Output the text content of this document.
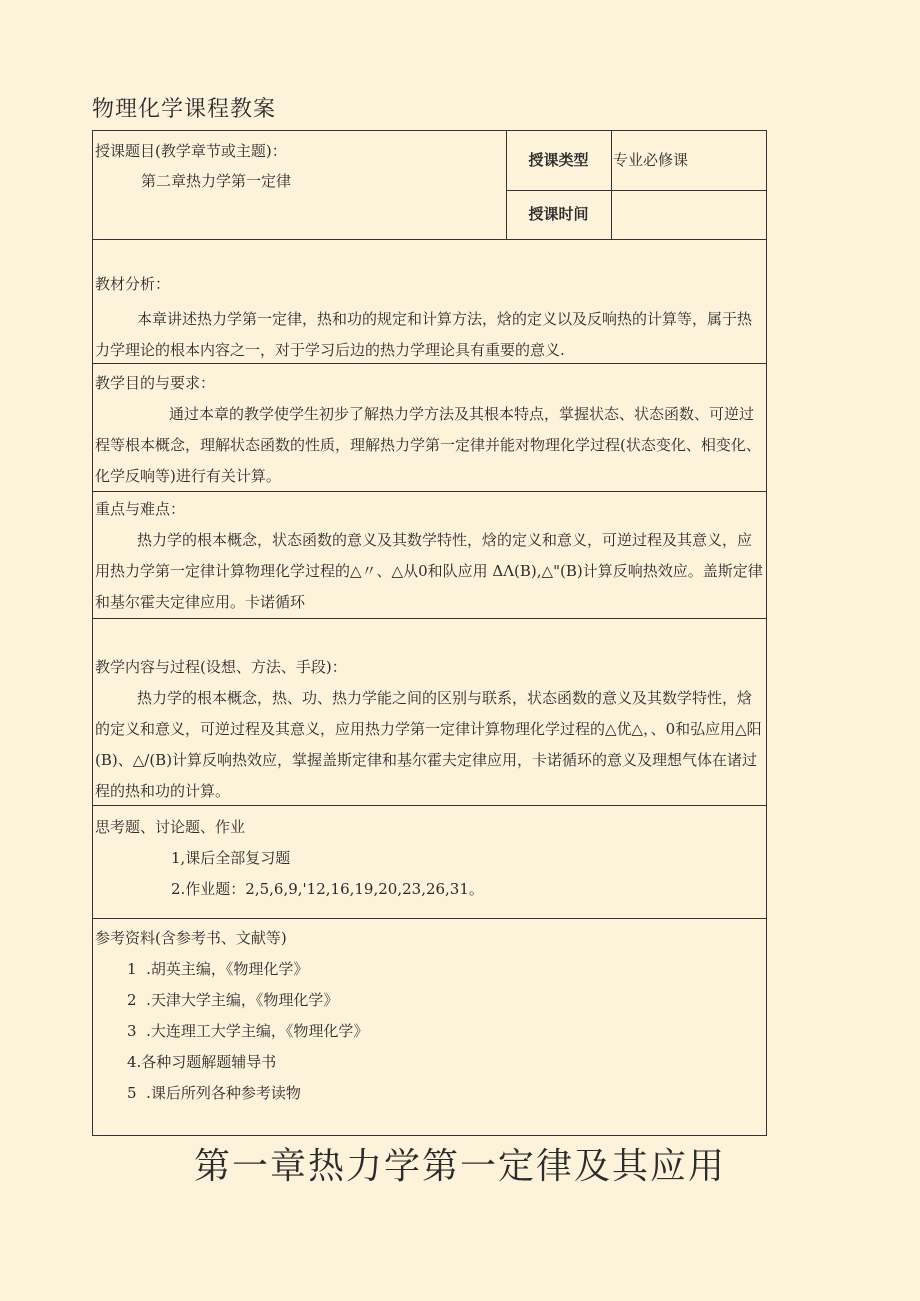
物理化学课程教案
授课题目(教学章节或主题)：
第二章热力学第一定律
授课类型	专业必修课
授课时间
教材分析：
本章讲述热力学第一定律，热和功的规定和计算方法，焓的定义以及反响热的计算等，属于热力学理论的根本内容之一，对于学习后边的热力学理论具有重要的意义.
教学目的与要求：
通过本章的教学使学生初步了解热力学方法及其根本特点，掌握状态、状态函数、可逆过程等根本概念，理解状态函数的性质，理解热力学第一定律并能对物理化学过程(状态变化、相变化、化学反响等)进行有关计算。
重点与难点：
热力学的根本概念，状态函数的意义及其数学特性，焓的定义和意义，可逆过程及其意义，应用热力学第一定律计算物理化学过程的△〃、△从0和队应用 ΔΛ(B),△"(B)计算反响热效应。盖斯定律和基尔霍夫定律应用。卡诺循环
教学内容与过程(设想、方法、手段)：
热力学的根本概念，热、功、热力学能之间的区别与联系，状态函数的意义及其数学特性，焓的定义和意义，可逆过程及其意义，应用热力学第一定律计算物理化学过程的△优△，、0和弘应用△阳(B)、△/(B)计算反响热效应，掌握盖斯定律和基尔霍夫定律应用，卡诺循环的意义及理想气体在诸过程的热和功的计算。
思考题、讨论题、作业
1,课后全部复习题
2.作业题：2,5,6,9,'12,16,19,20,23,26,31。
参考资料(含参考书、文献等)
1  .胡英主编，《物理化学》
2  .天津大学主编，《物理化学》
3  .大连理工大学主编，《物理化学》
4.各种习题解题辅导书
5  .课后所列各种参考读物
第一章热力学第一定律及其应用
